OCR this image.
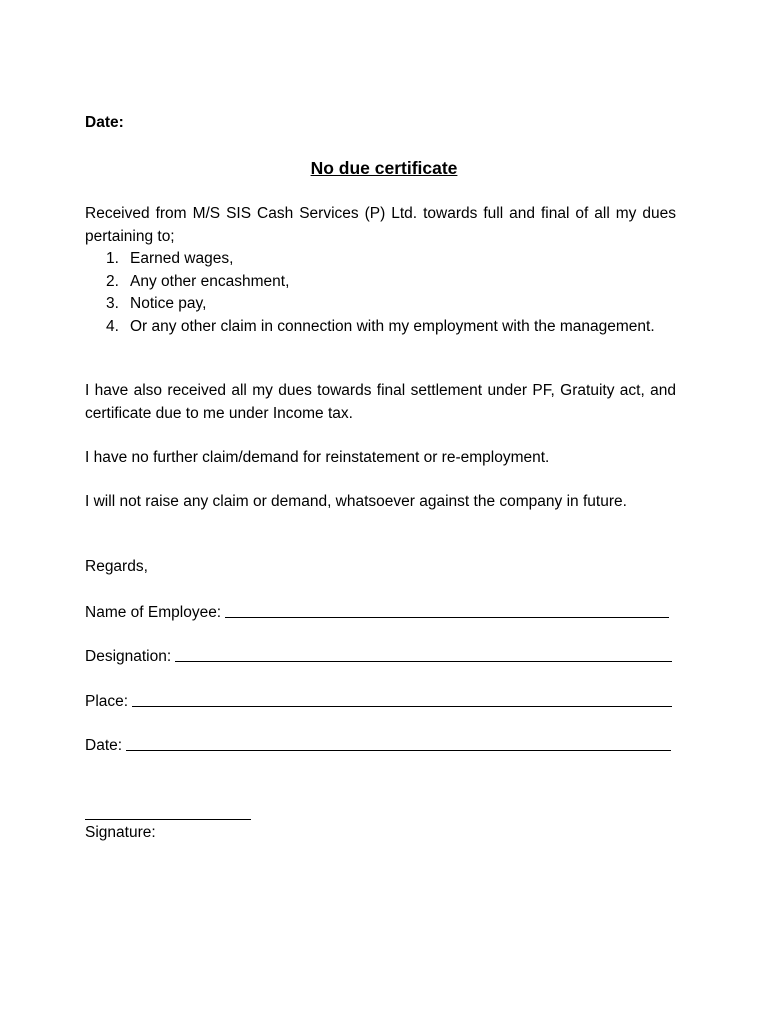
Date:
No due certificate

Received from M/S SIS Cash Services (P) Ltd. towards full and final of all my dues pertaining to;

1. Earned wages,
2. Any other encashment,
3. Notice pay,
4. Or any other claim in connection with my employment with the management.

I have also received all my dues towards final settlement under PF, Gratuity act, and certificate due to me under Income tax.

I have no further claim/demand for reinstatement or re-employment.

I will not raise any claim or demand, whatsoever against the company in future.

Regards,
Name of Employee:
Designation:
Place:
Date:
Signature:
